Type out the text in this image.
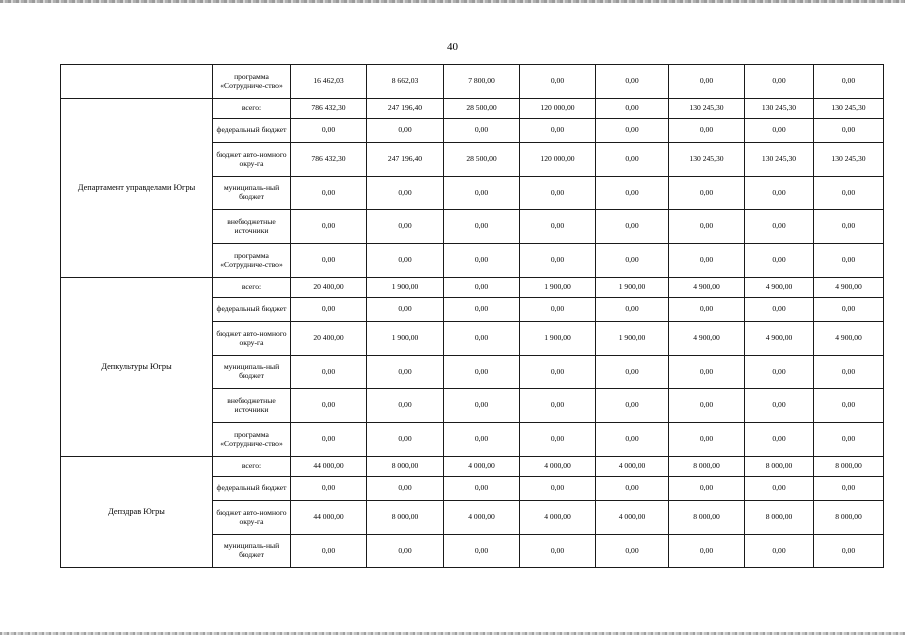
40
	программа «Сотрудниче-ство»	16 462,03	8 662,03	7 800,00	0,00	0,00	0,00	0,00	0,00
Департамент управделами Югры	всего:	786 432,30	247 196,40	28 500,00	120 000,00	0,00	130 245,30	130 245,30	130 245,30
	федеральный бюджет	0,00	0,00	0,00	0,00	0,00	0,00	0,00	0,00
	бюджет авто-номного окру-га	786 432,30	247 196,40	28 500,00	120 000,00	0,00	130 245,30	130 245,30	130 245,30
	муниципаль-ный бюджет	0,00	0,00	0,00	0,00	0,00	0,00	0,00	0,00
	внебюджетные источники	0,00	0,00	0,00	0,00	0,00	0,00	0,00	0,00
	программа «Сотрудниче-ство»	0,00	0,00	0,00	0,00	0,00	0,00	0,00	0,00
Депкультуры Югры	всего:	20 400,00	1 900,00	0,00	1 900,00	1 900,00	4 900,00	4 900,00	4 900,00
	федеральный бюджет	0,00	0,00	0,00	0,00	0,00	0,00	0,00	0,00
	бюджет авто-номного окру-га	20 400,00	1 900,00	0,00	1 900,00	1 900,00	4 900,00	4 900,00	4 900,00
	муниципаль-ный бюджет	0,00	0,00	0,00	0,00	0,00	0,00	0,00	0,00
	внебюджетные источники	0,00	0,00	0,00	0,00	0,00	0,00	0,00	0,00
	программа «Сотрудниче-ство»	0,00	0,00	0,00	0,00	0,00	0,00	0,00	0,00
Депздрав Югры	всего:	44 000,00	8 000,00	4 000,00	4 000,00	4 000,00	8 000,00	8 000,00	8 000,00
	федеральный бюджет	0,00	0,00	0,00	0,00	0,00	0,00	0,00	0,00
	бюджет авто-номного окру-га	44 000,00	8 000,00	4 000,00	4 000,00	4 000,00	8 000,00	8 000,00	8 000,00
	муниципаль-ный бюджет	0,00	0,00	0,00	0,00	0,00	0,00	0,00	0,00
